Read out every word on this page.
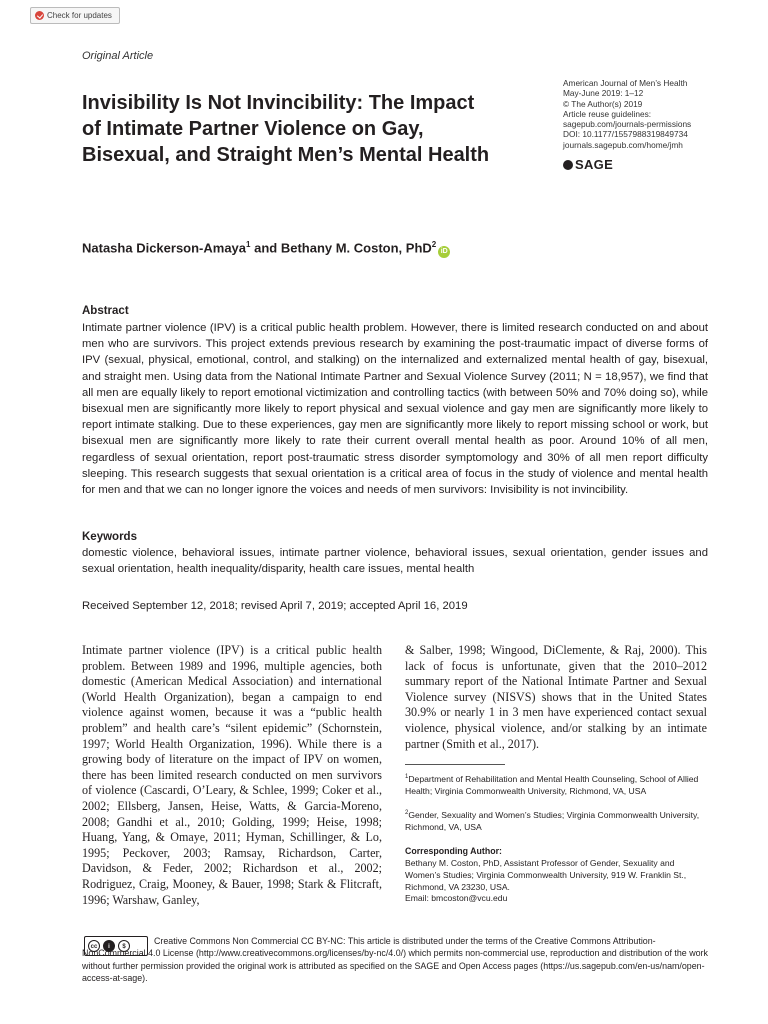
Check for updates
Original Article
Invisibility Is Not Invincibility: The Impact of Intimate Partner Violence on Gay, Bisexual, and Straight Men’s Mental Health
American Journal of Men’s Health
May-June 2019: 1–12
© The Author(s) 2019
Article reuse guidelines:
sagepub.com/journals-permissions
DOI: 10.1177/1557988319849734
journals.sagepub.com/home/jmh
SAGE
Natasha Dickerson-Amaya$^1$ and Bethany M. Coston, PhD$^2$iD
Abstract

Intimate partner violence (IPV) is a critical public health problem. However, there is limited research conducted on and about men who are survivors. This project extends previous research by examining the post-traumatic impact of diverse forms of IPV (sexual, physical, emotional, control, and stalking) on the internalized and externalized mental health of gay, bisexual, and straight men. Using data from the National Intimate Partner and Sexual Violence Survey (2011; N = 18,957), we find that all men are equally likely to report emotional victimization and controlling tactics (with between 50% and 70% doing so), while bisexual men are significantly more likely to report physical and sexual violence and gay men are significantly more likely to report intimate stalking. Due to these experiences, gay men are significantly more likely to report missing school or work, but bisexual men are significantly more likely to rate their current overall mental health as poor. Around 10% of all men, regardless of sexual orientation, report post-traumatic stress disorder symptomology and 30% of all men report difficulty sleeping. This research suggests that sexual orientation is a critical area of focus in the study of violence and mental health for men and that we can no longer ignore the voices and needs of men survivors: Invisibility is not invincibility.

Keywords

domestic violence, behavioral issues, intimate partner violence, behavioral issues, sexual orientation, gender issues and sexual orientation, health inequality/disparity, health care issues, mental health

Received September 12, 2018; revised April 7, 2019; accepted April 16, 2019

Intimate partner violence (IPV) is a critical public health problem. Between 1989 and 1996, multiple agencies, both domestic (American Medical Association) and international (World Health Organization), began a campaign to end violence against women, because it was a “public health problem” and health care’s “silent epidemic” (Schornstein, 1997; World Health Organization, 1996). While there is a growing body of literature on the impact of IPV on women, there has been limited research conducted on men survivors of violence (Cascardi, O’Leary, & Schlee, 1999; Coker et al., 2002; Ellsberg, Jansen, Heise, Watts, & Garcia-Moreno, 2008; Gandhi et al., 2010; Golding, 1999; Heise, 1998; Huang, Yang, & Omaye, 2011; Hyman, Schillinger, & Lo, 1995; Peckover, 2003; Ramsay, Richardson, Carter, Davidson, & Feder, 2002; Richardson et al., 2002; Rodriguez, Craig, Mooney, & Bauer, 1998; Stark & Flitcraft, 1996; Warshaw, Ganley,

& Salber, 1998; Wingood, DiClemente, & Raj, 2000). This lack of focus is unfortunate, given that the 2010–2012 summary report of the National Intimate Partner and Sexual Violence survey (NISVS) shows that in the United States 30.9% or nearly 1 in 3 men have experienced contact sexual violence, physical violence, and/or stalking by an intimate partner (Smith et al., 2017).

$^1$Department of Rehabilitation and Mental Health Counseling, School of Allied Health; Virginia Commonwealth University, Richmond, VA, USA
$^2$Gender, Sexuality and Women’s Studies; Virginia Commonwealth University, Richmond, VA, USA
Corresponding Author:
Bethany M. Coston, PhD, Assistant Professor of Gender, Sexuality and Women’s Studies; Virginia Commonwealth University, 919 W. Franklin St., Richmond, VA 23230, USA.
Email: bmcoston@vcu.edu
cc	i	$

Creative Commons Non Commercial CC BY-NC: This article is distributed under the terms of the Creative Commons Attribution-NonCommercial 4.0 License (http://www.creativecommons.org/licenses/by-nc/4.0/) which permits non-commercial use, reproduction and distribution of the work without further permission provided the original work is attributed as specified on the SAGE and Open Access pages (https://us.sagepub.com/en-us/nam/open-access-at-sage).
